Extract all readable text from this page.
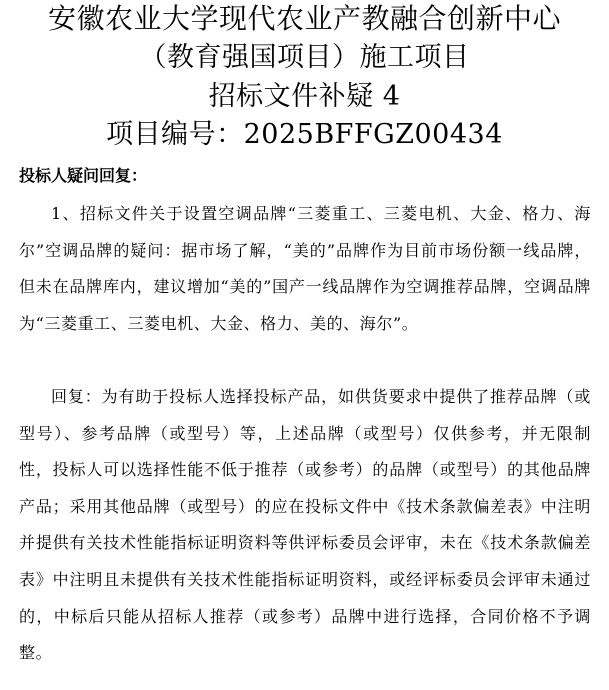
安徽农业大学现代农业产教融合创新中心
（教育强国项目）施工项目
招标文件补疑 4
项目编号：2025BFFGZ00434
投标人疑问回复：

1、招标文件关于设置空调品牌“三菱重工、三菱电机、大金、格力、海尔”空调品牌的疑问：据市场了解，“美的”品牌作为目前市场份额一线品牌，但未在品牌库内，建议增加“美的”国产一线品牌作为空调推荐品牌，空调品牌为“三菱重工、三菱电机、大金、格力、美的、海尔”。

回复：为有助于投标人选择投标产品，如供货要求中提供了推荐品牌（或型号）、参考品牌（或型号）等，上述品牌（或型号）仅供参考，并无限制性，投标人可以选择性能不低于推荐（或参考）的品牌（或型号）的其他品牌产品；采用其他品牌（或型号）的应在投标文件中《技术条款偏差表》中注明并提供有关技术性能指标证明资料等供评标委员会评审，未在《技术条款偏差表》中注明且未提供有关技术性能指标证明资料，或经评标委员会评审未通过的，中标后只能从招标人推荐（或参考）品牌中进行选择，合同价格不予调整。
